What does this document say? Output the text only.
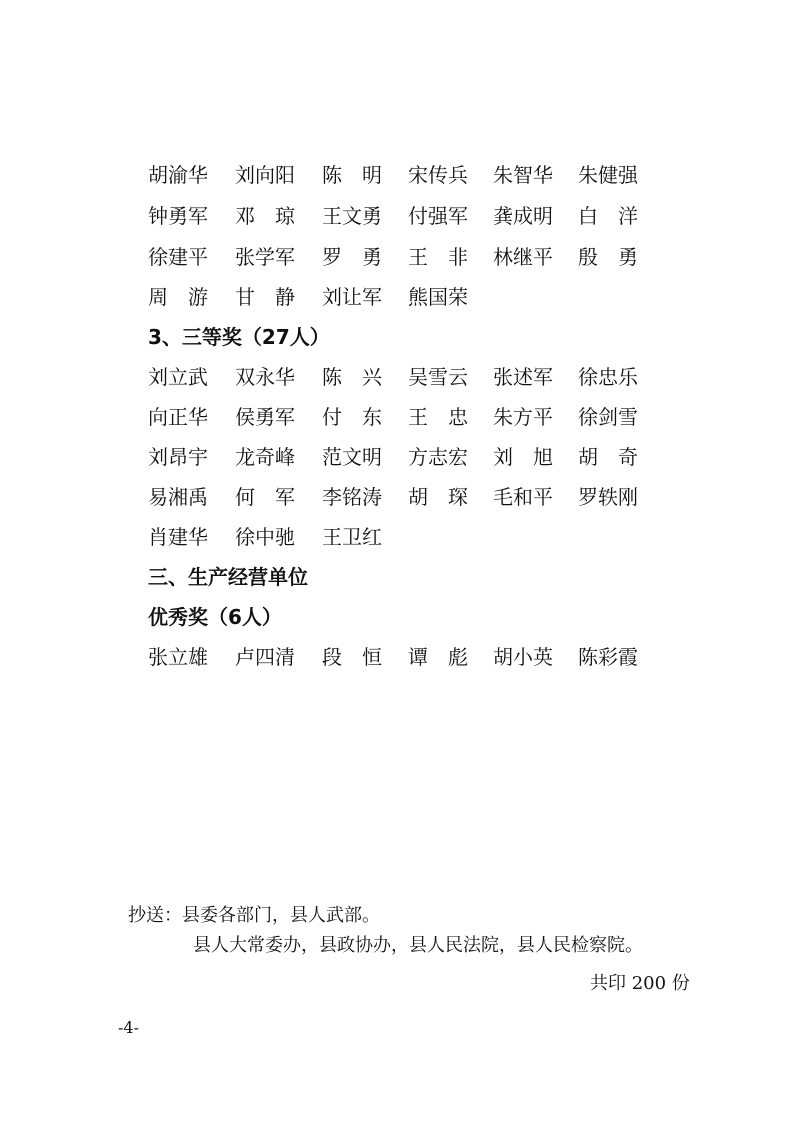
胡渝华	刘向阳	陈　明	宋传兵	朱智华	朱健强
钟勇军	邓　琼	王文勇	付强军	龚成明	白　洋
徐建平	张学军	罗　勇	王　非	林继平	殷　勇
周　游	甘　静	刘让军	熊国荣
3、三等奖（27人）
刘立武	双永华	陈　兴	吴雪云	张述军	徐忠乐
向正华	侯勇军	付　东	王　忠	朱方平	徐剑雪
刘昂宇	龙奇峰	范文明	方志宏	刘　旭	胡　奇
易湘禹	何　军	李铭涛	胡　琛	毛和平	罗轶刚
肖建华	徐中驰	王卫红
三、生产经营单位
优秀奖（6人）
张立雄	卢四清	段　恒	谭　彪	胡小英	陈彩霞
抄送：县委各部门，县人武部。
县人大常委办，县政协办，县人民法院，县人民检察院。
共印 200 份
-4-
